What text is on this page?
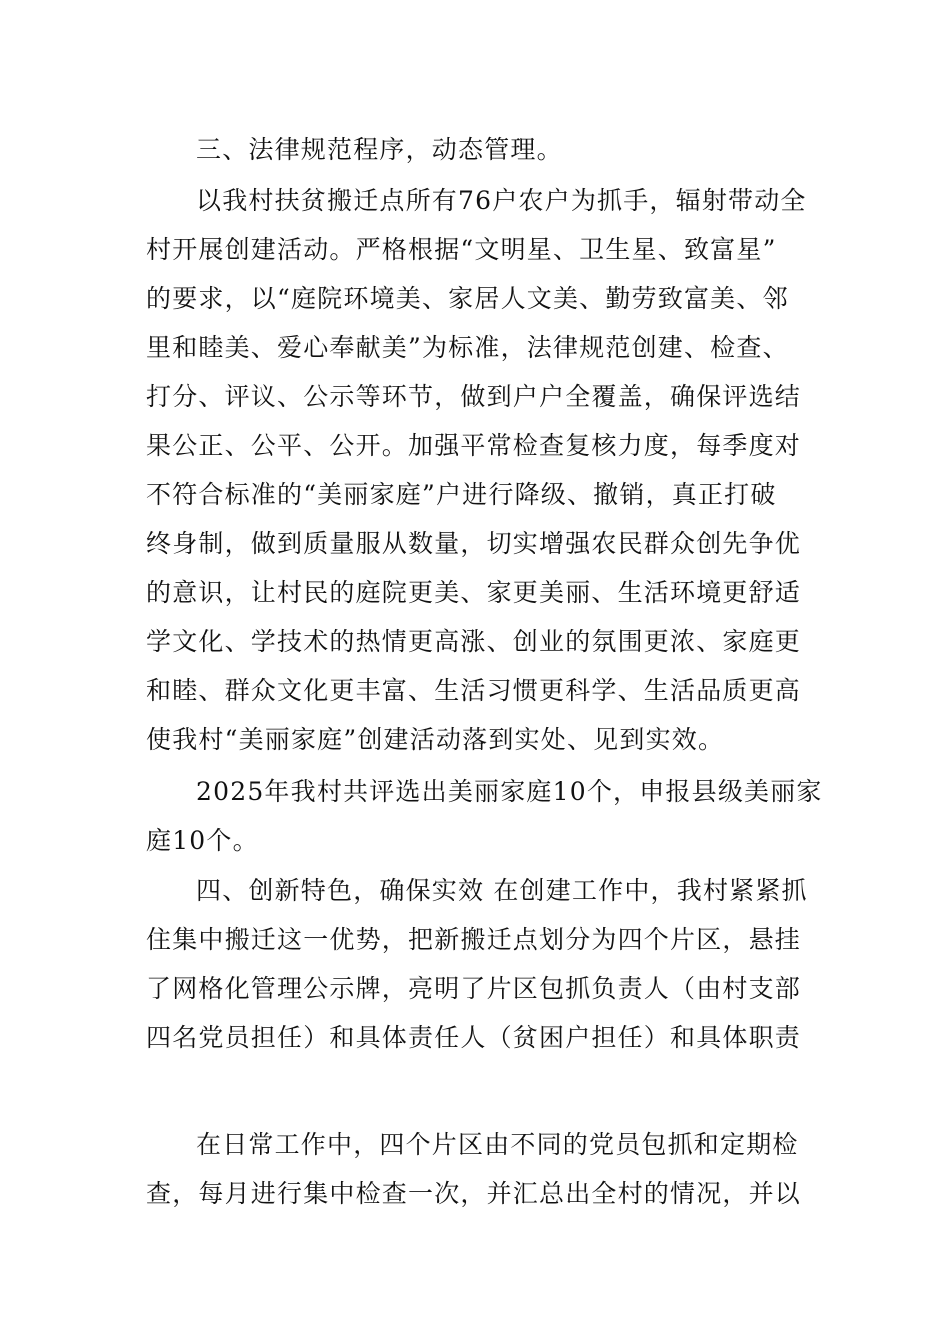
三、法律规范程序，动态管理。
以我村扶贫搬迁点所有76户农户为抓手，辐射带动全
村开展创建活动。严格根据“文明星、卫生星、致富星”
的要求，以“庭院环境美、家居人文美、勤劳致富美、邻
里和睦美、爱心奉献美”为标准，法律规范创建、检查、
打分、评议、公示等环节，做到户户全覆盖，确保评选结
果公正、公平、公开。加强平常检查复核力度，每季度对
不符合标准的“美丽家庭”户进行降级、撤销，真正打破
终身制，做到质量服从数量，切实增强农民群众创先争优
的意识，让村民的庭院更美、家更美丽、生活环境更舒适
学文化、学技术的热情更高涨、创业的氛围更浓、家庭更
和睦、群众文化更丰富、生活习惯更科学、生活品质更高
使我村“美丽家庭”创建活动落到实处、见到实效。
2025年我村共评选出美丽家庭10个，申报县级美丽家
庭10个。
四、创新特色，确保实效 在创建工作中，我村紧紧抓
住集中搬迁这一优势，把新搬迁点划分为四个片区，悬挂
了网格化管理公示牌，亮明了片区包抓负责人（由村支部
四名党员担任）和具体责任人（贫困户担任）和具体职责
在日常工作中，四个片区由不同的党员包抓和定期检
查，每月进行集中检查一次，并汇总出全村的情况，并以
